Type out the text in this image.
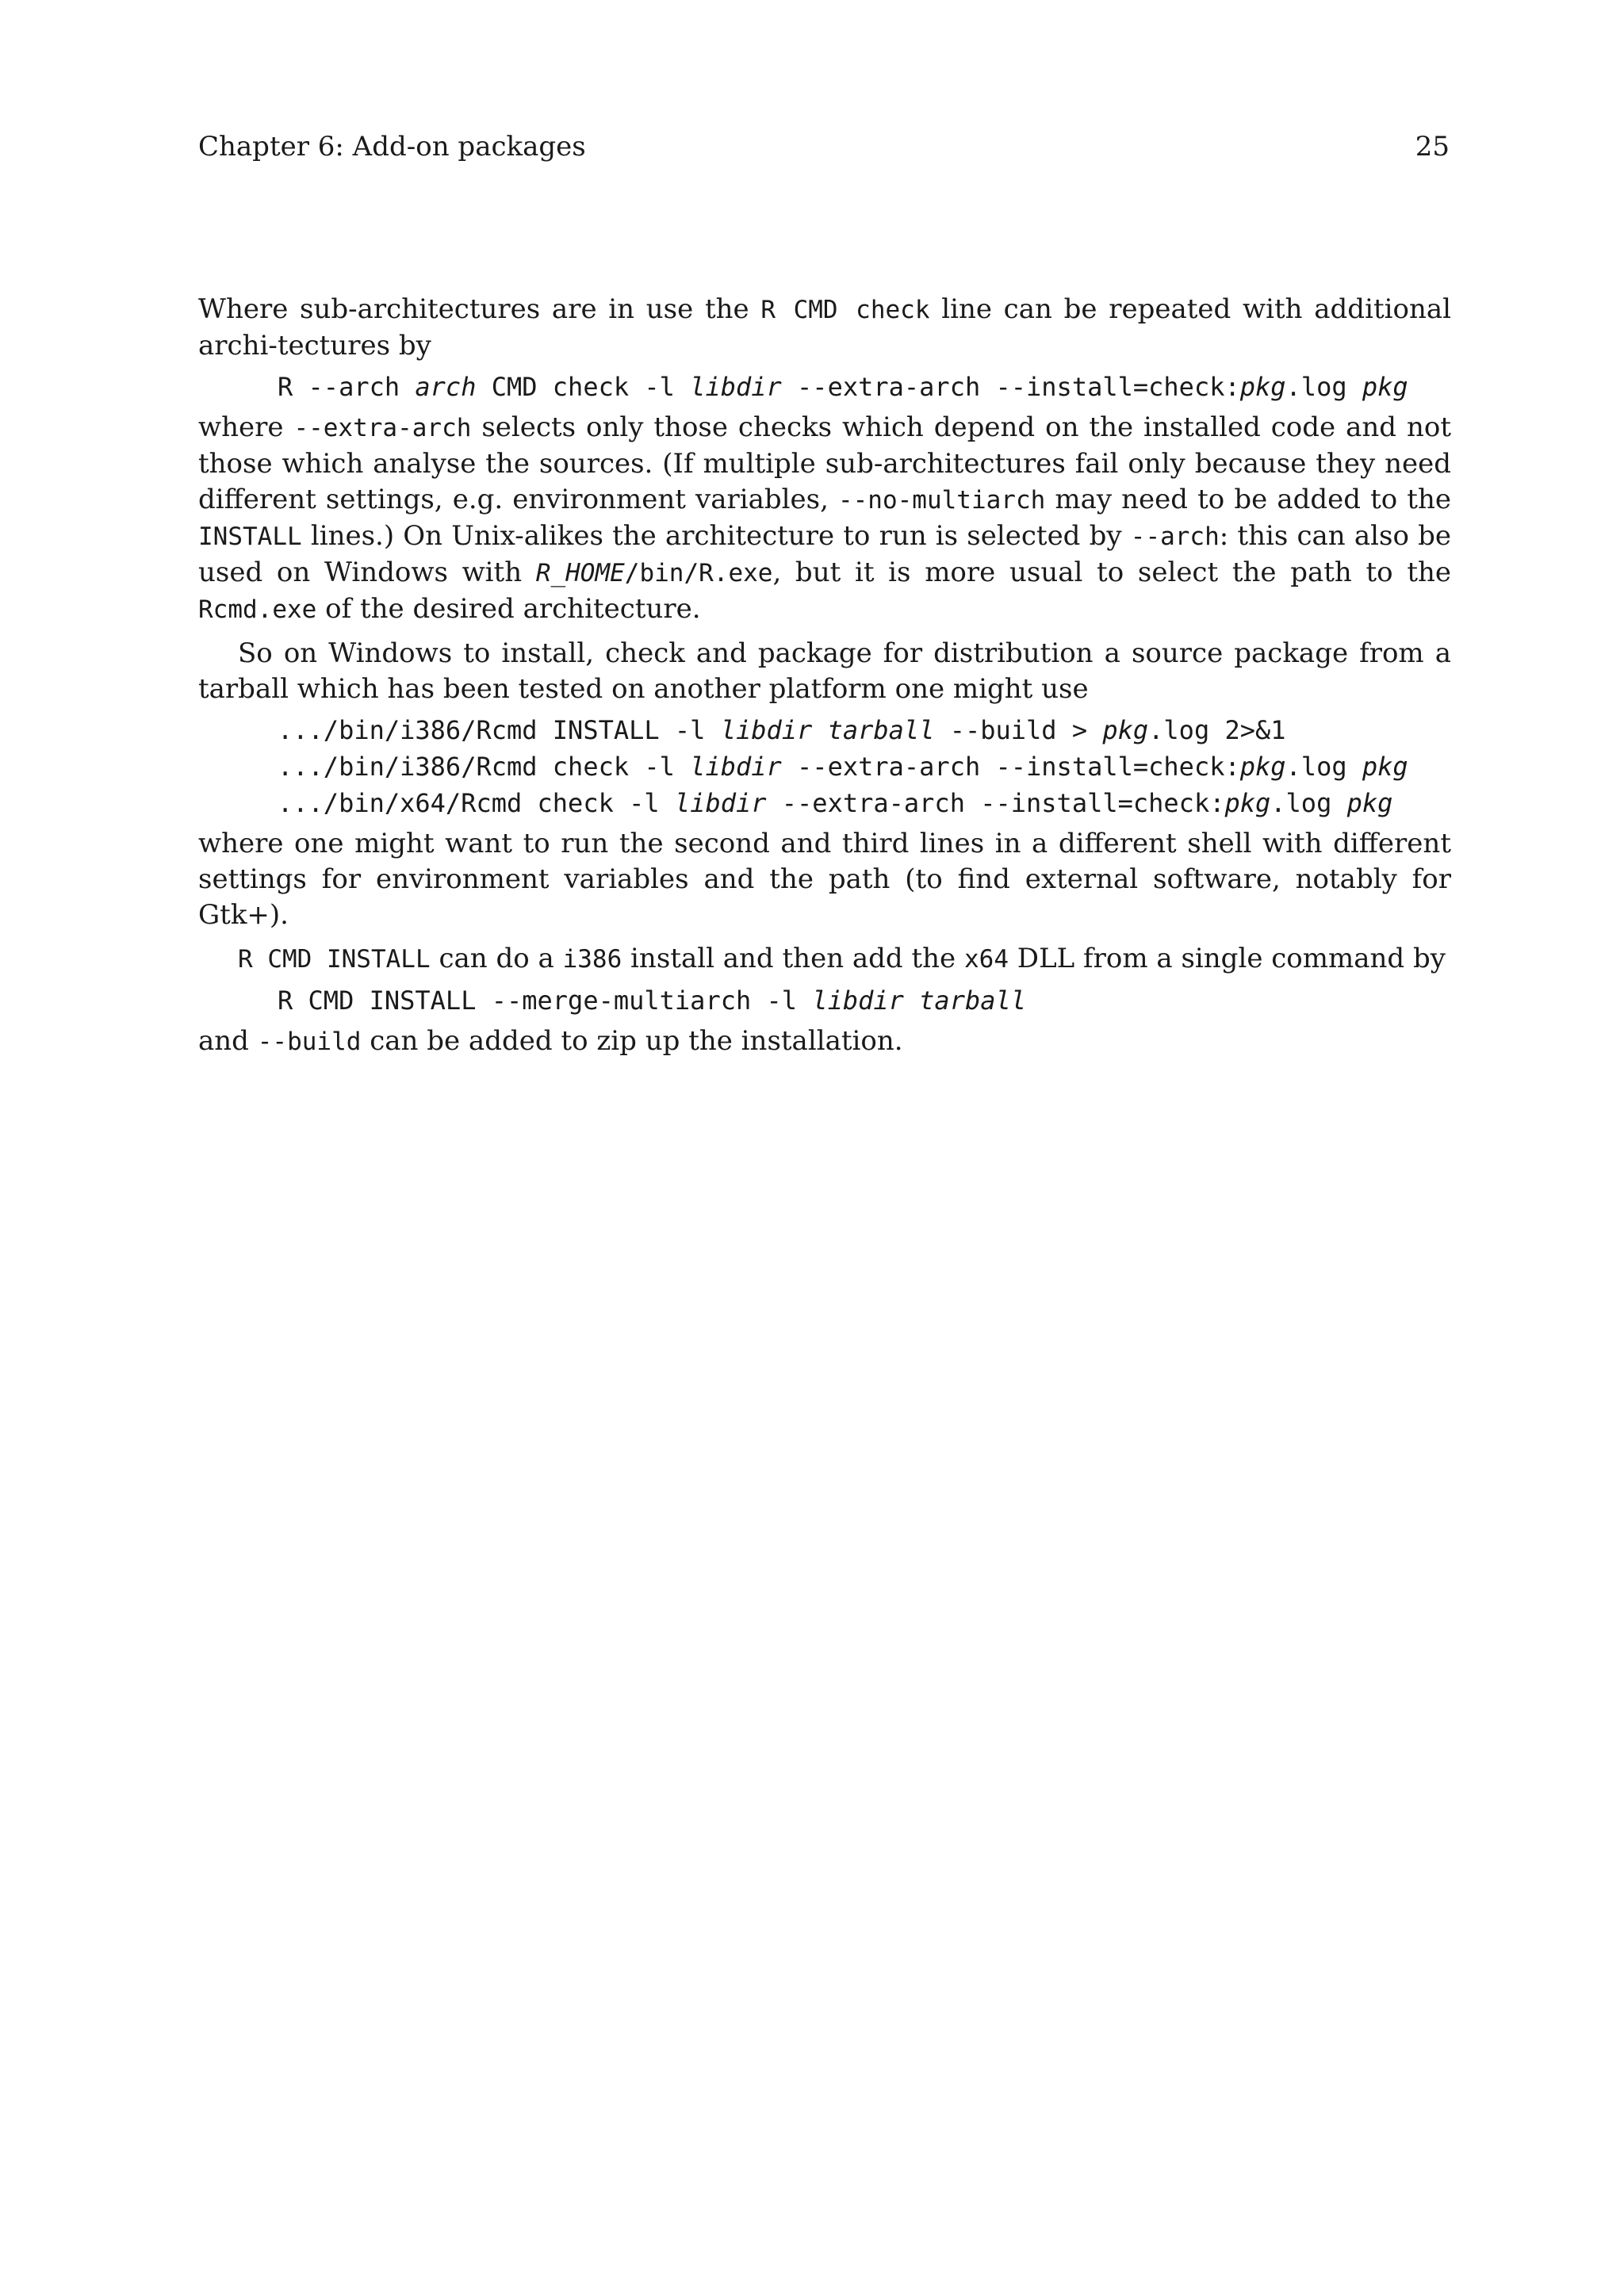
Chapter 6: Add-on packages	25

Where sub-architectures are in use the R CMD check line can be repeated with additional archi-tectures by

R --arch arch CMD check -l libdir --extra-arch --install=check:pkg.log pkg

where --extra-arch selects only those checks which depend on the installed code and not those which analyse the sources. (If multiple sub-architectures fail only because they need different settings, e.g. environment variables, --no-multiarch may need to be added to the INSTALL lines.) On Unix-alikes the architecture to run is selected by --arch: this can also be used on Windows with R_HOME/bin/R.exe, but it is more usual to select the path to the Rcmd.exe of the desired architecture.

So on Windows to install, check and package for distribution a source package from a tarball which has been tested on another platform one might use

.../bin/i386/Rcmd INSTALL -l libdir tarball --build > pkg.log 2>&1
.../bin/i386/Rcmd check -l libdir --extra-arch --install=check:pkg.log pkg
.../bin/x64/Rcmd check -l libdir --extra-arch --install=check:pkg.log pkg

where one might want to run the second and third lines in a different shell with different settings for environment variables and the path (to find external software, notably for Gtk+).

R CMD INSTALL can do a i386 install and then add the x64 DLL from a single command by

R CMD INSTALL --merge-multiarch -l libdir tarball

and --build can be added to zip up the installation.
